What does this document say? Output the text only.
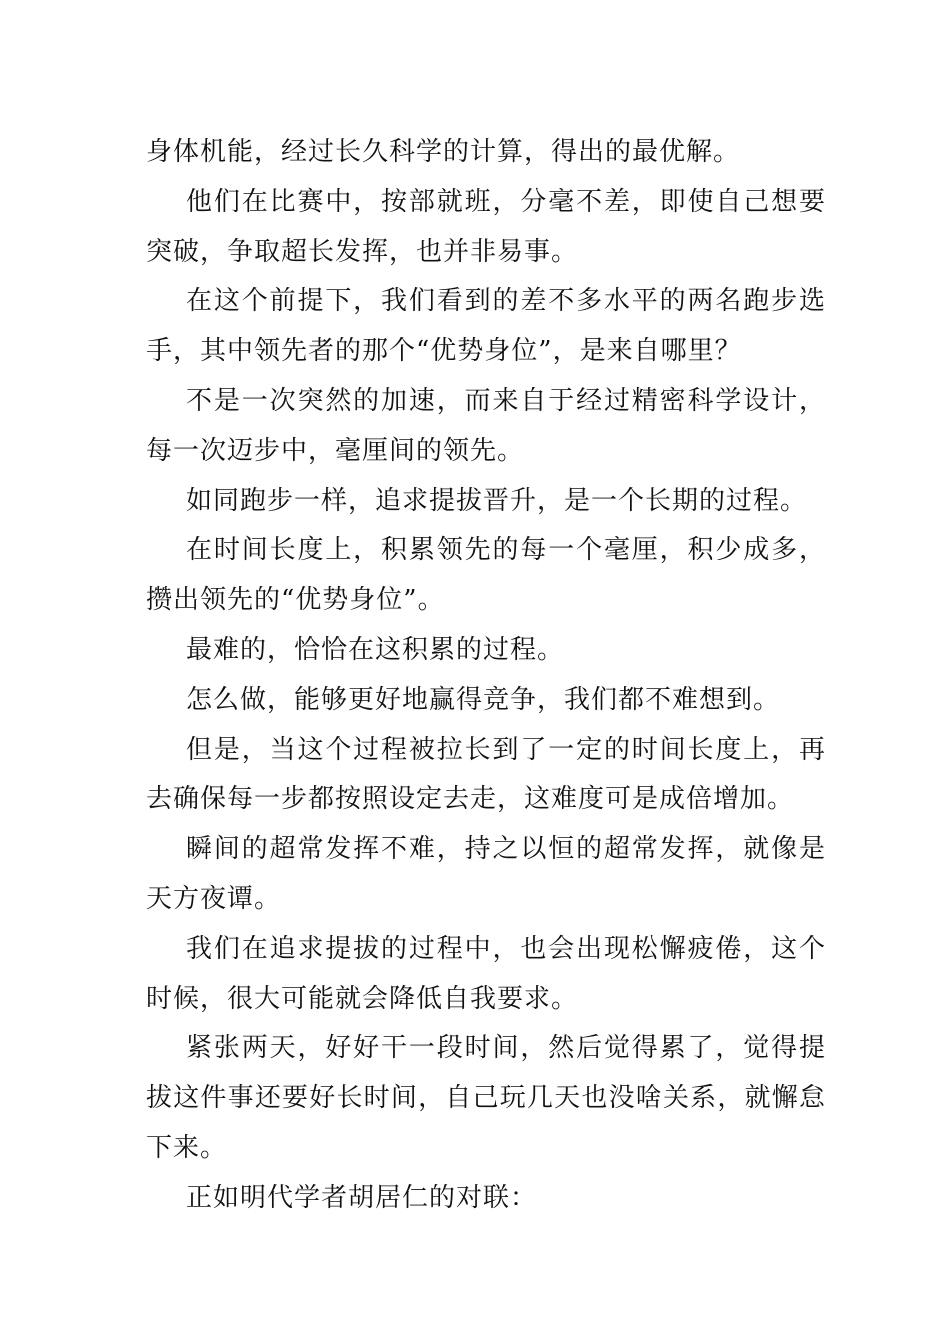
身体机能，经过长久科学的计算，得出的最优解。

他们在比赛中，按部就班，分毫不差，即使自己想要突破，争取超长发挥，也并非易事。

在这个前提下，我们看到的差不多水平的两名跑步选手，其中领先者的那个“优势身位”，是来自哪里？

不是一次突然的加速，而来自于经过精密科学设计，每一次迈步中，毫厘间的领先。

如同跑步一样，追求提拔晋升，是一个长期的过程。

在时间长度上，积累领先的每一个毫厘，积少成多，攒出领先的“优势身位”。

最难的，恰恰在这积累的过程。

怎么做，能够更好地赢得竞争，我们都不难想到。

但是，当这个过程被拉长到了一定的时间长度上，再去确保每一步都按照设定去走，这难度可是成倍增加。

瞬间的超常发挥不难，持之以恒的超常发挥，就像是天方夜谭。

我们在追求提拔的过程中，也会出现松懈疲倦，这个时候，很大可能就会降低自我要求。

紧张两天，好好干一段时间，然后觉得累了，觉得提拔这件事还要好长时间，自己玩几天也没啥关系，就懈怠下来。

正如明代学者胡居仁的对联：
